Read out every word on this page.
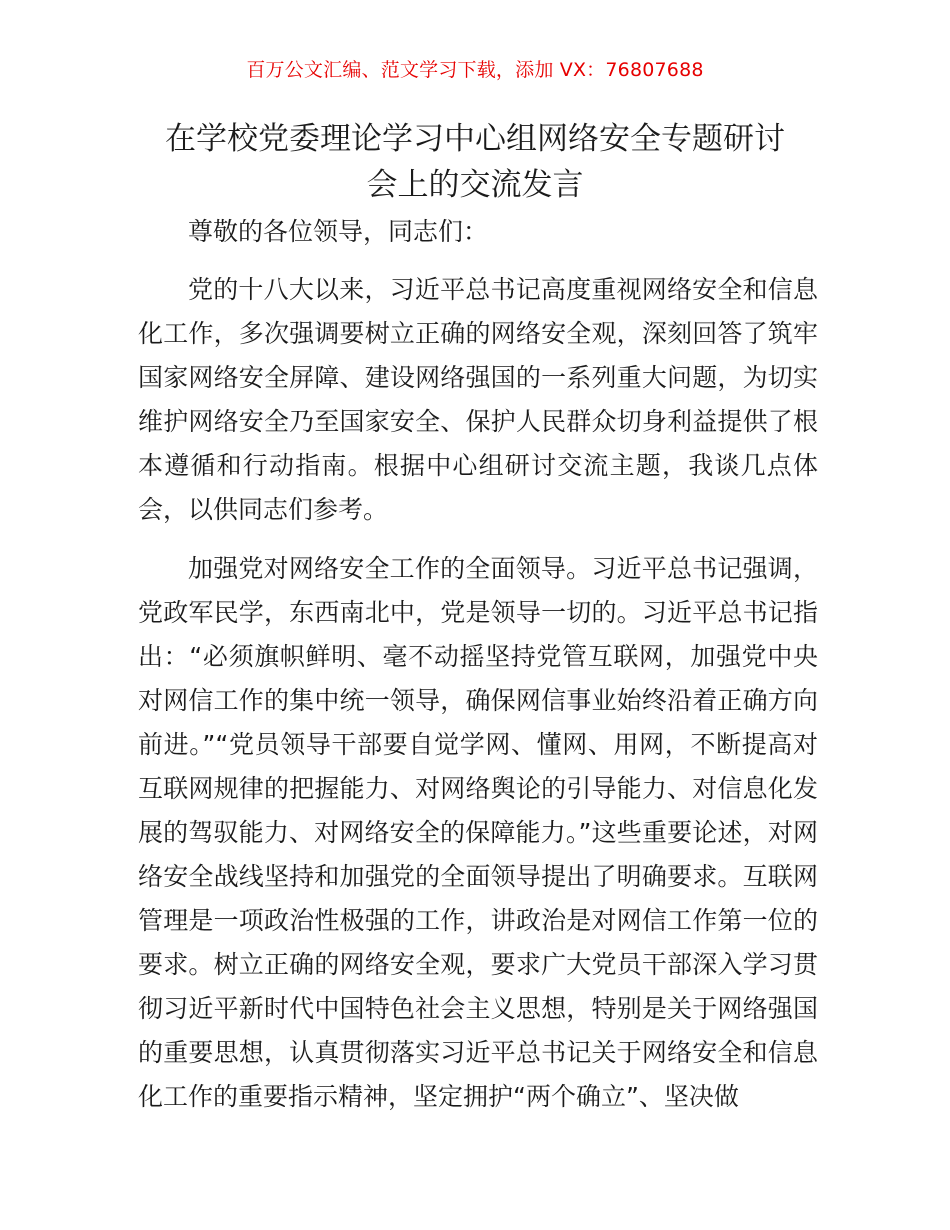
百万公文汇编、范文学习下载，添加 VX：76807688
在学校党委理论学习中心组网络安全专题研讨
会上的交流发言

尊敬的各位领导，同志们：

党的十八大以来，习近平总书记高度重视网络安全和信息化工作，多次强调要树立正确的网络安全观，深刻回答了筑牢国家网络安全屏障、建设网络强国的一系列重大问题，为切实维护网络安全乃至国家安全、保护人民群众切身利益提供了根本遵循和行动指南。根据中心组研讨交流主题，我谈几点体会，以供同志们参考。

加强党对网络安全工作的全面领导。习近平总书记强调，党政军民学，东西南北中，党是领导一切的。习近平总书记指出：“必须旗帜鲜明、毫不动摇坚持党管互联网，加强党中央对网信工作的集中统一领导，确保网信事业始终沿着正确方向前进。”“党员领导干部要自觉学网、懂网、用网，不断提高对互联网规律的把握能力、对网络舆论的引导能力、对信息化发展的驾驭能力、对网络安全的保障能力。”这些重要论述，对网络安全战线坚持和加强党的全面领导提出了明确要求。互联网管理是一项政治性极强的工作，讲政治是对网信工作第一位的要求。树立正确的网络安全观，要求广大党员干部深入学习贯彻习近平新时代中国特色社会主义思想，特别是关于网络强国的重要思想，认真贯彻落实习近平总书记关于网络安全和信息化工作的重要指示精神，坚定拥护“两个确立”、坚决做
